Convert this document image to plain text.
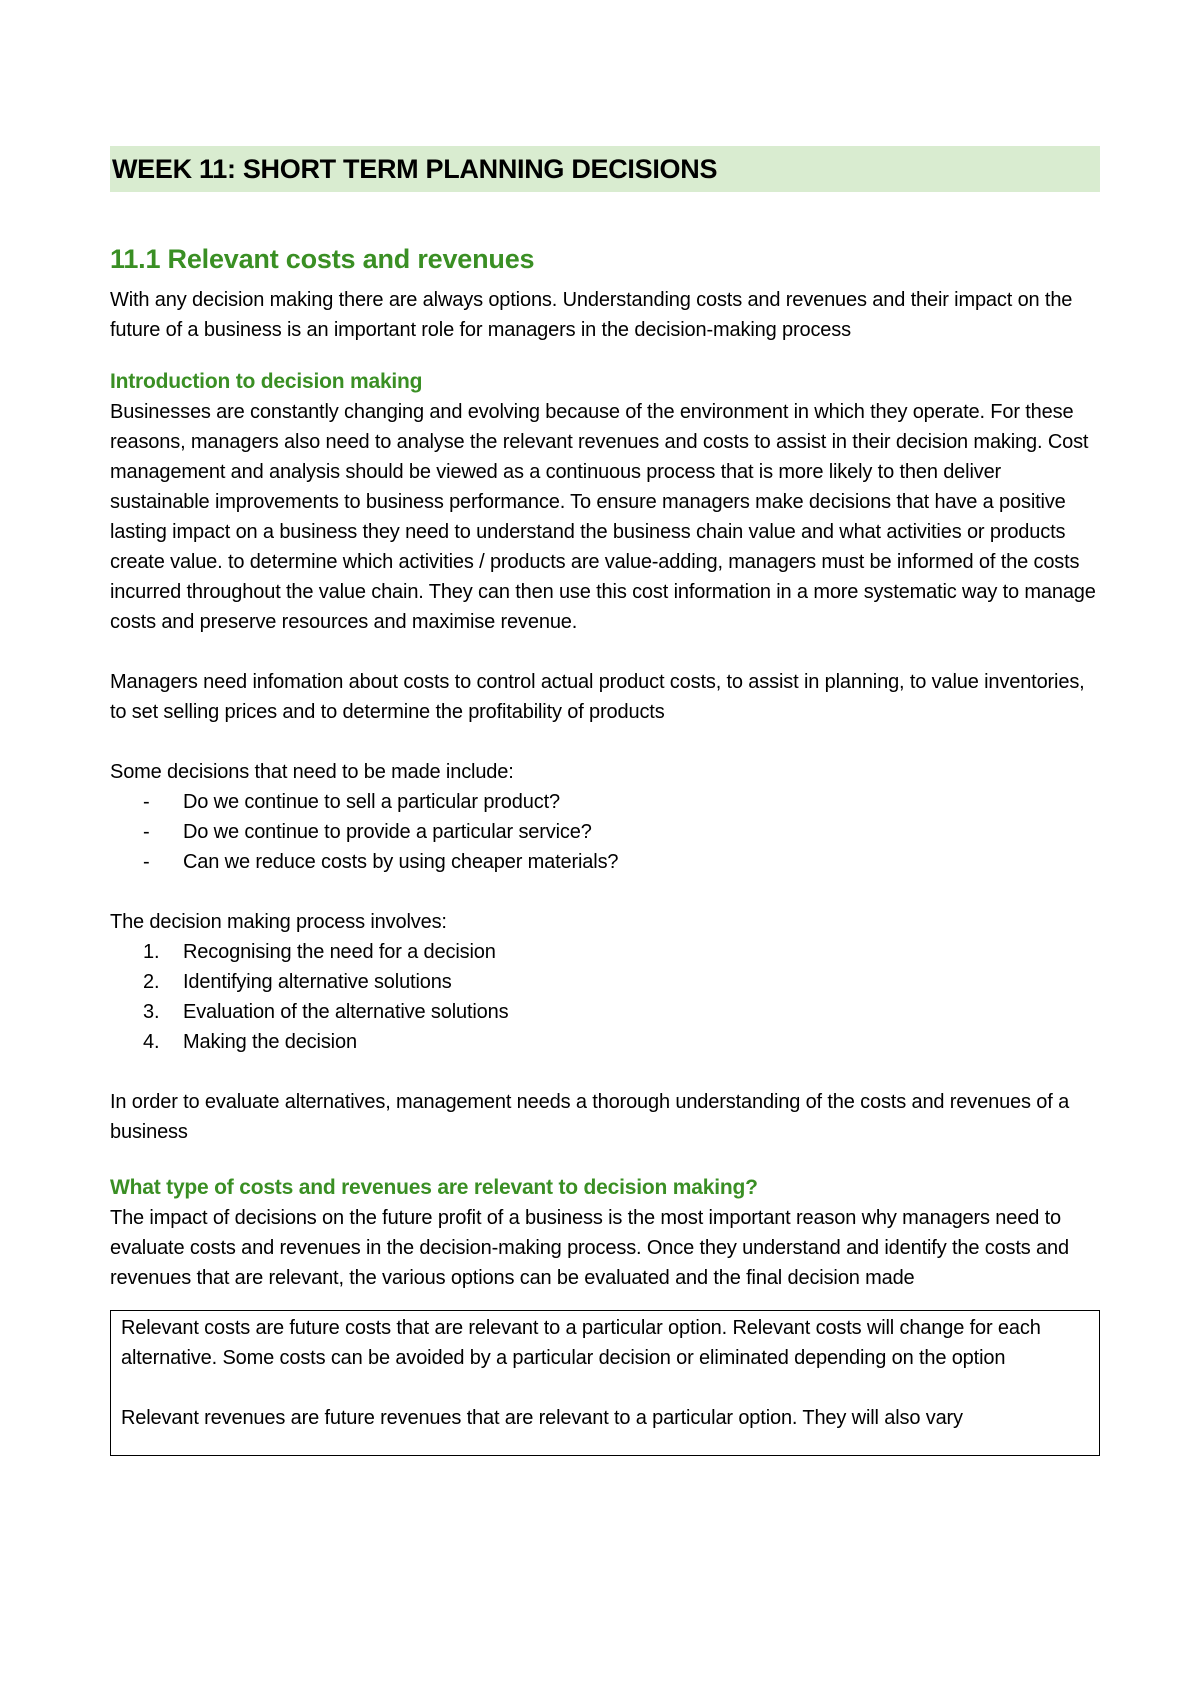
WEEK 11: SHORT TERM PLANNING DECISIONS
11.1 Relevant costs and revenues

With any decision making there are always options. Understanding costs and revenues and their impact on the future of a business is an important role for managers in the decision-making process

Introduction to decision making

Businesses are constantly changing and evolving because of the environment in which they operate. For these reasons, managers also need to analyse the relevant revenues and costs to assist in their decision making. Cost management and analysis should be viewed as a continuous process that is more likely to then deliver sustainable improvements to business performance. To ensure managers make decisions that have a positive lasting impact on a business they need to understand the business chain value and what activities or products create value. to determine which activities / products are value-adding, managers must be informed of the costs incurred throughout the value chain. They can then use this cost information in a more systematic way to manage costs and preserve resources and maximise revenue.

Managers need infomation about costs to control actual product costs, to assist in planning, to value inventories, to set selling prices and to determine the profitability of products

Some decisions that need to be made include:

-	Do we continue to sell a particular product?
-	Do we continue to provide a particular service?
-	Can we reduce costs by using cheaper materials?

The decision making process involves:

1.	Recognising the need for a decision
2.	Identifying alternative solutions
3.	Evaluation of the alternative solutions
4.	Making the decision

In order to evaluate alternatives, management needs a thorough understanding of the costs and revenues of a business

What type of costs and revenues are relevant to decision making?

The impact of decisions on the future profit of a business is the most important reason why managers need to evaluate costs and revenues in the decision-making process. Once they understand and identify the costs and revenues that are relevant, the various options can be evaluated and the final decision made

Relevant costs are future costs that are relevant to a particular option. Relevant costs will change for each alternative. Some costs can be avoided by a particular decision or eliminated depending on the option

Relevant revenues are future revenues that are relevant to a particular option. They will also vary
